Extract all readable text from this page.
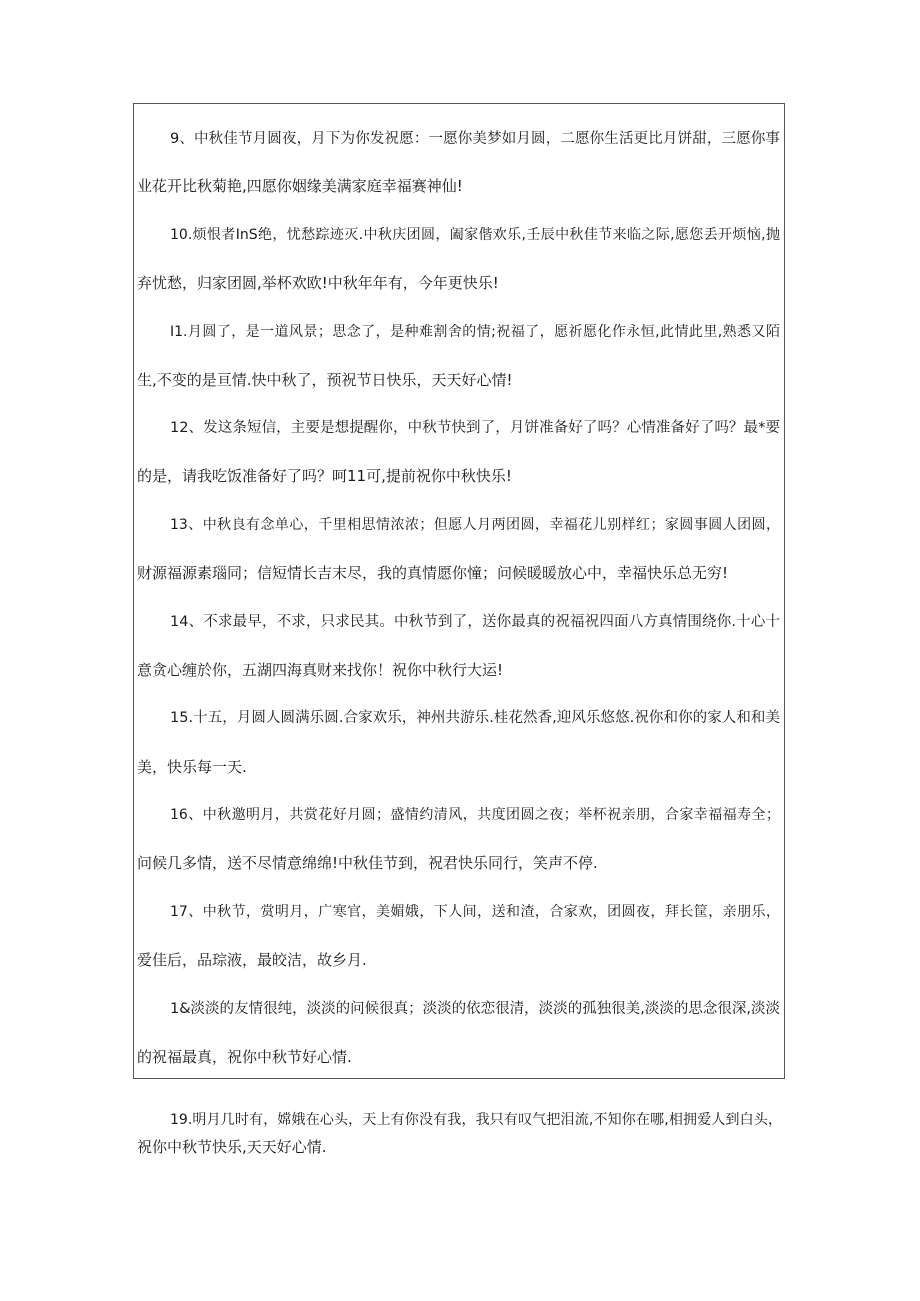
9、中秋佳节月圆夜，月下为你发祝愿：一愿你美梦如月圆，二愿你生活更比月饼甜，三愿你事
业花开比秋菊艳,四愿你姻缘美满家庭幸福赛神仙!
10.烦恨者InS绝，忧愁踪迹灭.中秋庆团圆，阖家偕欢乐,壬辰中秋佳节来临之际,愿您丢开烦恼,抛
弃忧愁，归家团圆,举杯欢欧!中秋年年有，今年更快乐!
I1.月圆了，是一道风景；思念了，是种难割舍的情;祝福了，愿祈愿化作永恒,此情此里,熟悉又陌
生,不变的是亘情.快中秋了，预祝节日快乐，天天好心情!
12、发这条短信，主要是想提醒你，中秋节快到了，月饼准备好了吗？心情准备好了吗？最*要
的是，请我吃饭准备好了吗？呵11可,提前祝你中秋快乐!
13、中秋良有念单心，千里相思情浓浓；但愿人月两团圆，幸福花儿别样红；家圆事圆人团圆，
财源福源素瑙同；信短情长吉末尽，我的真情愿你憧；问候暖暖放心中，幸福快乐总无穷!
14、不求最早，不求，只求民其。中秋节到了，送你最真的祝福祝四面八方真情围绕你.十心十
意贪心缠於你，五湖四海真财来找你！祝你中秋行大运!
15.十五，月圆人圆满乐圆.合家欢乐，神州共游乐.桂花然香,迎风乐悠悠.祝你和你的家人和和美
美，快乐每一天.
16、中秋邀明月，共赏花好月圆；盛情约清风，共度团圆之夜；举杯祝亲朋，合家幸福福寿全；
问候几多情，送不尽情意绵绵!中秋佳节到，祝君快乐同行，笑声不停.
17、中秋节，赏明月，广寒官，美媚娥，下人间，送和渣，合家欢，团圆夜，拜长筐，亲朋乐，
爱佳后，品琮液，最皎洁，故乡月.
1&淡淡的友情很纯，淡淡的问候很真；淡淡的依恋很清，淡淡的孤独很美,淡淡的思念很深,淡淡
的祝福最真，祝你中秋节好心情.
19.明月几时有，嫦娥在心头，天上有你没有我，我只有叹气把泪流,不知你在哪,相拥爱人到白头，
祝你中秋节快乐,天天好心情.
